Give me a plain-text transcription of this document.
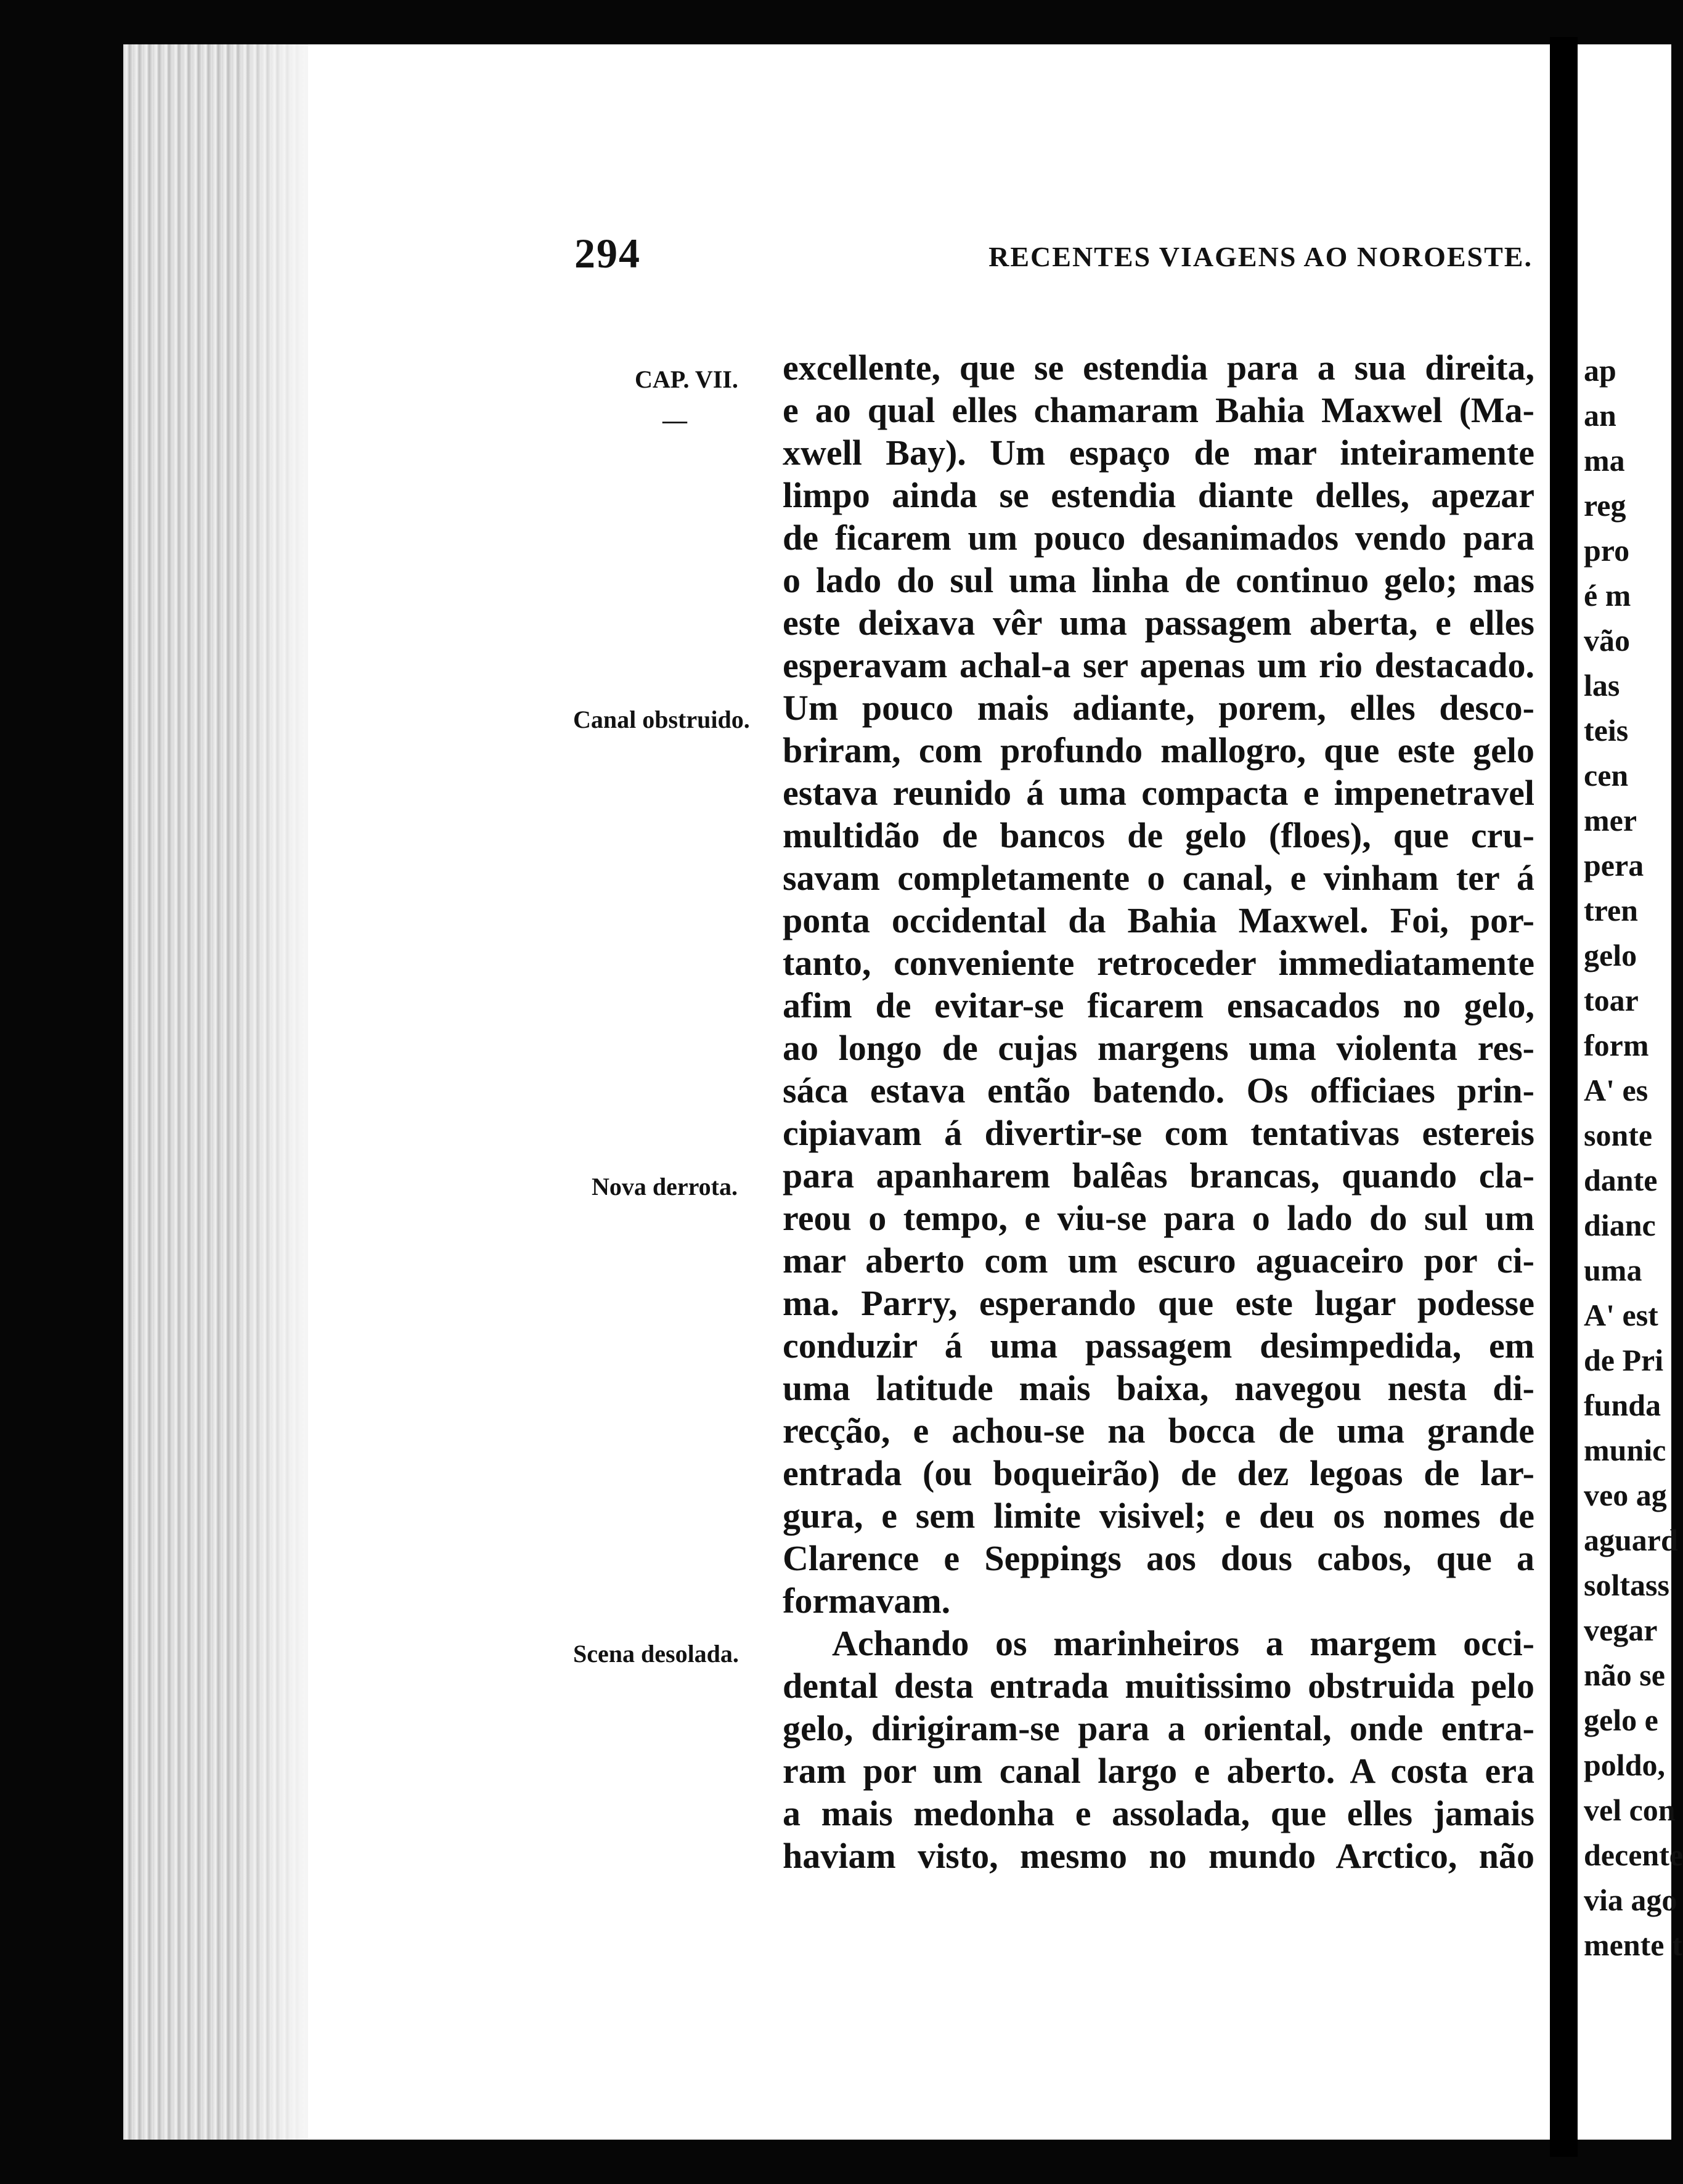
294	RECENTES VIAGENS AO NOROESTE.
CAP. VII.
—
Canal obstruido.
Nova derrota.
Scena desolada.
excellente, que se estendia para a sua direita,
e ao qual elles chamaram Bahia Maxwel (Ma-
xwell Bay). Um espaço de mar inteiramente
limpo ainda se estendia diante delles, apezar
de ficarem um pouco desanimados vendo para
o lado do sul uma linha de continuo gelo; mas
este deixava vêr uma passagem aberta, e elles
esperavam achal-a ser apenas um rio destacado.
Um pouco mais adiante, porem, elles desco-
briram, com profundo mallogro, que este gelo
estava reunido á uma compacta e impenetravel
multidão de bancos de gelo (floes), que cru-
savam completamente o canal, e vinham ter á
ponta occidental da Bahia Maxwel. Foi, por-
tanto, conveniente retroceder immediatamente
afim de evitar-se ficarem ensacados no gelo,
ao longo de cujas margens uma violenta res-
sáca estava então batendo. Os officiaes prin-
cipiavam á divertir-se com tentativas estereis
para apanharem balêas brancas, quando cla-
reou o tempo, e viu-se para o lado do sul um
mar aberto com um escuro aguaceiro por ci-
ma. Parry, esperando que este lugar podesse
conduzir á uma passagem desimpedida, em
uma latitude mais baixa, navegou nesta di-
recção, e achou-se na bocca de uma grande
entrada (ou boqueirão) de dez legoas de lar-
gura, e sem limite visivel; e deu os nomes de
Clarence e Seppings aos dous cabos, que a
formavam.
Achando os marinheiros a margem occi-
dental desta entrada muitissimo obstruida pelo
gelo, dirigiram-se para a oriental, onde entra-
ram por um canal largo e aberto. A costa era
a mais medonha e assolada, que elles jamais
haviam visto, mesmo no mundo Arctico, não
ap
an
ma
reg
pro
é m
vão
las
teis
cen
mer
pera
tren
gelo
toar
form
A' es
sonte
dante
dianc
uma
A' est
de Pri
funda
munic
veo ag
aguard
soltass
vegar
não se
gelo e
poldo,
vel con
decente
via ago
mente t
